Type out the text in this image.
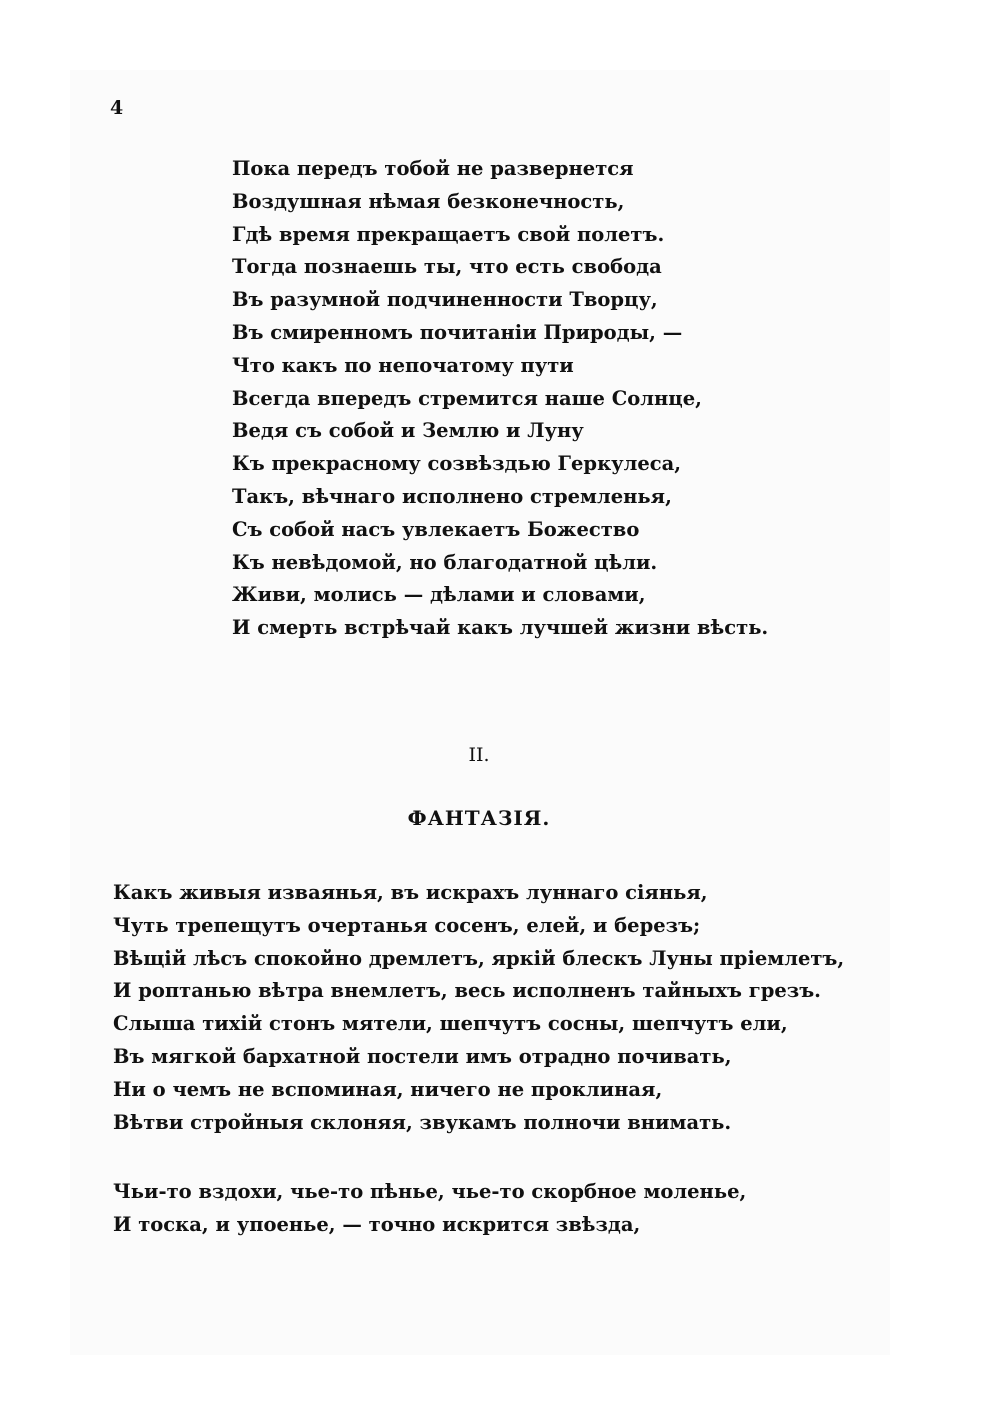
4
Пока передъ тобой не развернется
Воздушная нѣмая безконечность,
Гдѣ время прекращаетъ свой полетъ.
Тогда познаешь ты, что есть свобода
Въ разумной подчиненности Творцу,
Въ смиренномъ почитанiи Природы, —
Что какъ по непочатому пути
Всегда впередъ стремится наше Солнце,
Ведя съ собой и Землю и Луну
Къ прекрасному созвѣздью Геркулеса,
Такъ, вѣчнаго исполнено стремленья,
Съ собой насъ увлекаетъ Божество
Къ невѣдомой, но благодатной цѣли.
Живи, молись — дѣлами и словами,
И смерть встрѣчай какъ лучшей жизни вѣсть.
II.
ФАНТАЗIЯ.
Какъ живыя изваянья, въ искрахъ луннаго сiянья,
Чуть трепещутъ очертанья сосенъ, елей, и березъ;
Вѣщiй лѣсъ спокойно дремлетъ, яркiй блескъ Луны прiемлетъ,
И роптанью вѣтра внемлетъ, весь исполненъ тайныхъ грезъ.
Слыша тихiй стонъ мятели, шепчутъ сосны, шепчутъ ели,
Въ мягкой бархатной постели имъ отрадно почивать,
Ни о чемъ не вспоминая, ничего не проклиная,
Вѣтви стройныя склоняя, звукамъ полночи внимать.
Чьи-то вздохи, чье-то пѣнье, чье-то скорбное моленье,
И тоска, и упоенье, — точно искрится звѣзда,
